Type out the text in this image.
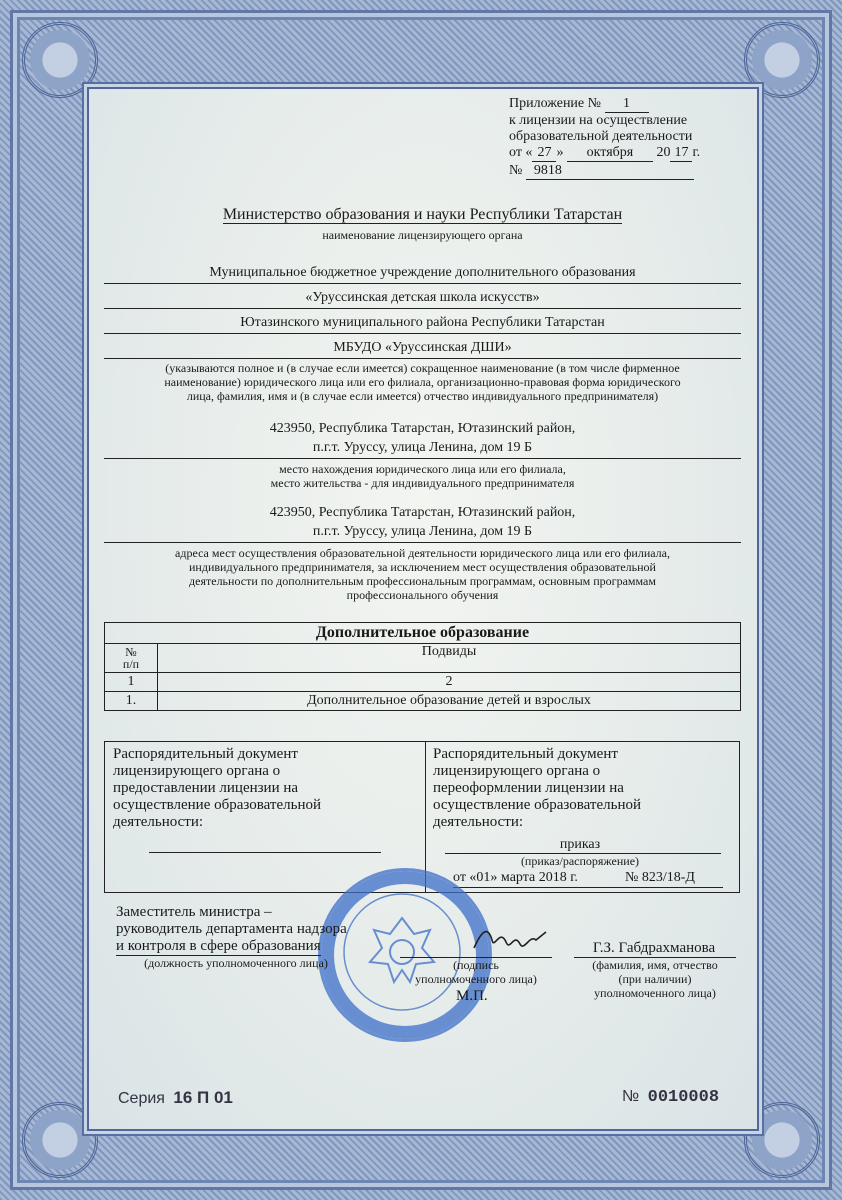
Приложение № 1
к лицензии на осуществление
образовательной деятельности
от « 27 » октября 20 17 г.
№ 9818
Министерство образования и науки Республики Татарстан
наименование лицензирующего органа
Муниципальное бюджетное учреждение дополнительного образования
«Уруссинская детская школа искусств»
Ютазинского муниципального района Республики Татарстан
МБУДО «Уруссинская ДШИ»
(указываются полное и (в случае если имеется) сокращенное наименование (в том числе фирменное
наименование) юридического лица или его филиала, организационно-правовая форма юридического
лица, фамилия, имя и (в случае если имеется) отчество индивидуального предпринимателя)
423950, Республика Татарстан, Ютазинский район,
п.г.т. Уруссу, улица Ленина, дом 19 Б
место нахождения юридического лица или его филиала,
место жительства - для индивидуального предпринимателя
423950, Республика Татарстан, Ютазинский район,
п.г.т. Уруссу, улица Ленина, дом 19 Б
адреса мест осуществления образовательной деятельности юридического лица или его филиала,
индивидуального предпринимателя, за исключением мест осуществления образовательной
деятельности по дополнительным профессиональным программам, основным программам
профессионального обучения
Дополнительное образование	

№
п/п	Подвиды
1	2
1.	Дополнительное образование детей и взрослых
Распорядительный документ
лицензирующего органа о
предоставлении лицензии на
осуществление образовательной
деятельности:
Распорядительный документ
лицензирующего органа о
переоформлении лицензии на
осуществление образовательной
деятельности:
приказ
(приказ/распоряжение)
от «01» марта 2018 г.	№ 823/18-Д
Заместитель министра –
руководитель департамента надзора
и контроля в сфере образования
(должность уполномоченного лица)	(подпись
уполномоченного лица)
М.П.
Г.З. Габдрахманова
(фамилия, имя, отчество
(при наличии)
уполномоченного лица)
Серия 16 П 01	№ 0010008
